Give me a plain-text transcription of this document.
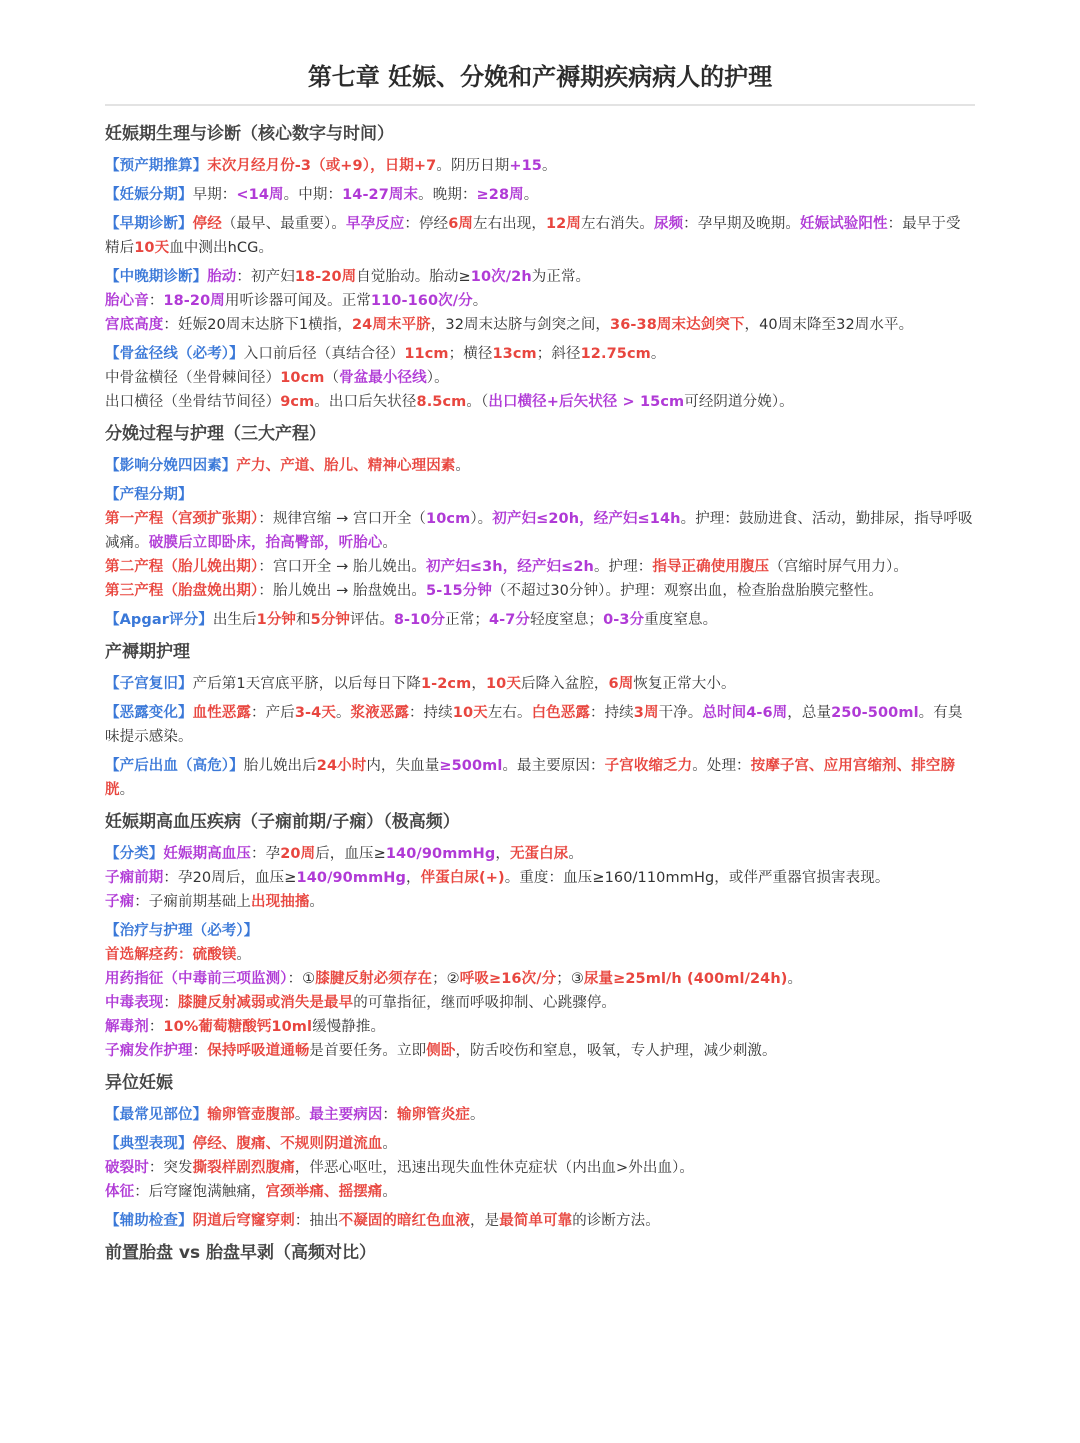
第七章 妊娠、分娩和产褥期疾病病人的护理
妊娠期生理与诊断（核心数字与时间）

【预产期推算】末次月经月份-3（或+9），日期+7。阴历日期+15。

【妊娠分期】早期：<14周。中期：14-27周末。晚期：≥28周。

【早期诊断】停经（最早、最重要）。早孕反应：停经6周左右出现，12周左右消失。尿频：孕早期及晚期。妊娠试验阳性：最早于受精后10天血中测出hCG。

【中晚期诊断】胎动：初产妇18-20周自觉胎动。胎动≥10次/2h为正常。

胎心音：18-20周用听诊器可闻及。正常110-160次/分。

宫底高度：妊娠20周末达脐下1横指，24周末平脐，32周末达脐与剑突之间，36-38周末达剑突下，40周末降至32周水平。

【骨盆径线（必考）】入口前后径（真结合径）11cm；横径13cm；斜径12.75cm。

中骨盆横径（坐骨棘间径）10cm（骨盆最小径线）。

出口横径（坐骨结节间径）9cm。出口后矢状径8.5cm。（出口横径+后矢状径 > 15cm可经阴道分娩）。

分娩过程与护理（三大产程）

【影响分娩四因素】产力、产道、胎儿、精神心理因素。

【产程分期】

第一产程（宫颈扩张期）：规律宫缩 → 宫口开全（10cm）。初产妇≤20h，经产妇≤14h。护理：鼓励进食、活动，勤排尿，指导呼吸减痛。破膜后立即卧床，抬高臀部，听胎心。

第二产程（胎儿娩出期）：宫口开全 → 胎儿娩出。初产妇≤3h，经产妇≤2h。护理：指导正确使用腹压（宫缩时屏气用力）。

第三产程（胎盘娩出期）：胎儿娩出 → 胎盘娩出。5-15分钟（不超过30分钟）。护理：观察出血，检查胎盘胎膜完整性。

【Apgar评分】出生后1分钟和5分钟评估。8-10分正常；4-7分轻度窒息；0-3分重度窒息。

产褥期护理

【子宫复旧】产后第1天宫底平脐，以后每日下降1-2cm，10天后降入盆腔，6周恢复正常大小。

【恶露变化】血性恶露：产后3-4天。浆液恶露：持续10天左右。白色恶露：持续3周干净。总时间4-6周，总量250-500ml。有臭味提示感染。

【产后出血（高危）】胎儿娩出后24小时内，失血量≥500ml。最主要原因：子宫收缩乏力。处理：按摩子宫、应用宫缩剂、排空膀胱。

妊娠期高血压疾病（子痫前期/子痫）（极高频）

【分类】妊娠期高血压：孕20周后，血压≥140/90mmHg，无蛋白尿。

子痫前期：孕20周后，血压≥140/90mmHg，伴蛋白尿(+)。重度：血压≥160/110mmHg，或伴严重器官损害表现。

子痫：子痫前期基础上出现抽搐。

【治疗与护理（必考）】

首选解痉药：硫酸镁。

用药指征（中毒前三项监测）：①膝腱反射必须存在；②呼吸≥16次/分；③尿量≥25ml/h (400ml/24h)。

中毒表现：膝腱反射减弱或消失是最早的可靠指征，继而呼吸抑制、心跳骤停。

解毒剂：10%葡萄糖酸钙10ml缓慢静推。

子痫发作护理：保持呼吸道通畅是首要任务。立即侧卧，防舌咬伤和窒息，吸氧，专人护理，减少刺激。

异位妊娠

【最常见部位】输卵管壶腹部。最主要病因：输卵管炎症。

【典型表现】停经、腹痛、不规则阴道流血。

破裂时：突发撕裂样剧烈腹痛，伴恶心呕吐，迅速出现失血性休克症状（内出血>外出血）。

体征：后穹窿饱满触痛，宫颈举痛、摇摆痛。

【辅助检查】阴道后穹窿穿刺：抽出不凝固的暗红色血液，是最简单可靠的诊断方法。

前置胎盘 vs 胎盘早剥（高频对比）
